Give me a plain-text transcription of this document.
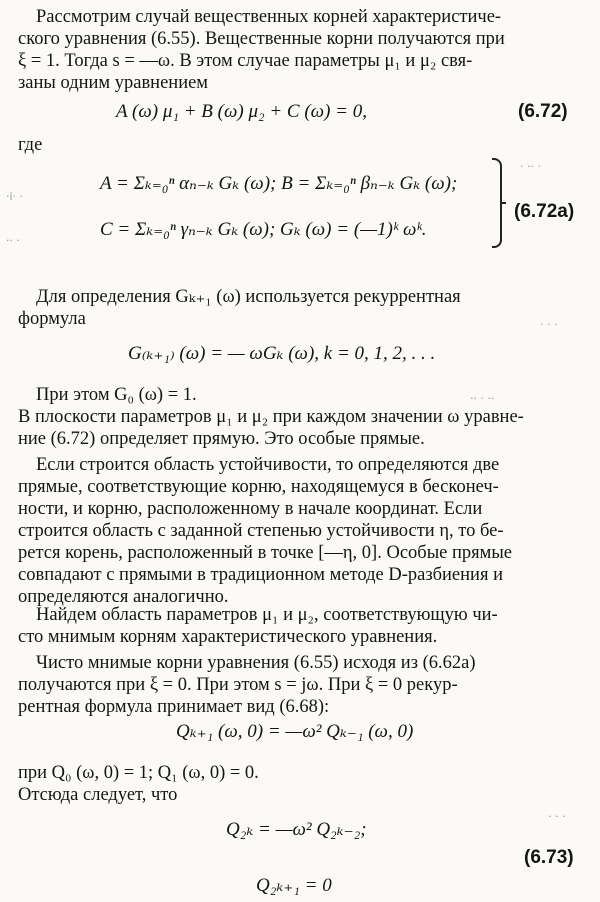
Рассмотрим случай вещественных корней характеристиче-
ского уравнения (6.55). Вещественные корни получаются при
ξ = 1. Тогда s = —ω. В этом случае параметры μ₁ и μ₂ свя-
заны одним уравнением
A (ω) μ₁ + B (ω) μ₂ + C (ω) = 0,	(6.72)
где
A = Σₖ₌₀ⁿ αₙ₋ₖ Gₖ (ω); B = Σₖ₌₀ⁿ βₙ₋ₖ Gₖ (ω);
C = Σₖ₌₀ⁿ γₙ₋ₖ Gₖ (ω); Gₖ (ω) = (—1)ᵏ ωᵏ.
(6.72а)
Для определения Gₖ₊₁ (ω) используется рекуррентная
формула
G₍ₖ₊₁₎ (ω) = — ωGₖ (ω), k = 0, 1, 2, . . .
При этом G₀ (ω) = 1.
В плоскости параметров μ₁ и μ₂ при каждом значении ω уравне-
ние (6.72) определяет прямую. Это особые прямые.
Если строится область устойчивости, то определяются две
прямые, соответствующие корню, находящемуся в бесконеч-
ности, и корню, расположенному в начале координат. Если
строится область с заданной степенью устойчивости η, то бе-
рется корень, расположенный в точке [—η, 0]. Особые прямые
совпадают с прямыми в традиционном методе D-разбиения и
определяются аналогично.
Найдем область параметров μ₁ и μ₂, соответствующую чи-
сто мнимым корням характеристического уравнения.
Чисто мнимые корни уравнения (6.55) исходя из (6.62а)
получаются при ξ = 0. При этом s = jω. При ξ = 0 рекур-
рентная формула принимает вид (6.68):
Qₖ₊₁ (ω, 0) = —ω² Qₖ₋₁ (ω, 0)
при Q₀ (ω, 0) = 1; Q₁ (ω, 0) = 0.
Отсюда следует, что
Q₂ₖ = —ω² Q₂ₖ₋₂;
(6.73)
Q₂ₖ₊₁ = 0
·ⅰ· ·
·· ·
· ·· ·
· · ·
·· · ··
· · ·
